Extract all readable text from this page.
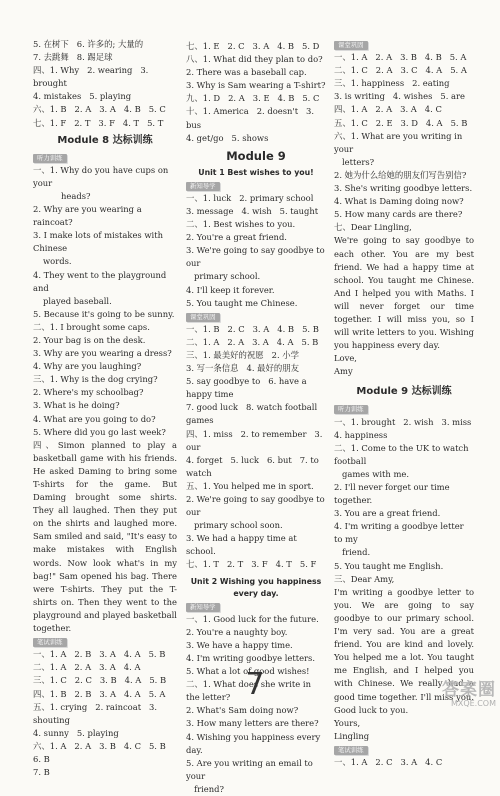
5. 在树下   6. 许多的; 大量的
7. 去跳舞   8. 踢足球
四、1. Why   2. wearing   3. brought
4. mistakes   5. playing
六、1. B   2. A   3. A   4. B   5. C
七、1. F   2. T   3. F   4. T   5. T
Module 8 达标训练
听力训练
一、1. Why do you have cups on your
heads?
2. Why are you wearing a raincoat?
3. I make lots of mistakes with Chinese
words.
4. They went to the playground and
played baseball.
5. Because it's going to be sunny.
二、1. I brought some caps.
2. Your bag is on the desk.
3. Why are you wearing a dress?
4. Why are you laughing?
三、1. Why is the dog crying?
2. Where's my schoolbag?
3. What is he doing?
4. What are you going to do?
5. Where did you go last week?
四、Simon planned to play a basketball game with his friends. He asked Daming to bring some T-shirts for the game. But Daming brought some shirts. They all laughed. Then they put on the shirts and laughed more. Sam smiled and said, "It's easy to make mistakes with English words. Now look what's in my bag!" Sam opened his bag. There were T-shirts. They put the T-shirts on. Then they went to the playground and played basketball together.
笔试训练
一、1. A   2. B   3. A   4. A   5. B
二、1. A   2. A   3. A   4. A
三、1. C   2. C   3. B   4. A   5. B
四、1. B   2. B   3. A   4. A   5. A
五、1. crying   2. raincoat   3. shouting
4. sunny   5. playing
六、1. A   2. A   3. B   4. C   5. B   6. B
7. B
七、1. E   2. C   3. A   4. B   5. D
八、1. What did they plan to do?
2. There was a baseball cap.
3. Why is Sam wearing a T-shirt?
九、1. D   2. A   3. E   4. B   5. C
十、1. America   2. doesn't   3. bus
4. get/go   5. shows
Module 9
Unit 1 Best wishes to you!
新知导学
一、1. luck   2. primary school
3. message   4. wish   5. taught
二、1. Best wishes to you.
2. You're a great friend.
3. We're going to say goodbye to our
primary school.
4. I'll keep it forever.
5. You taught me Chinese.
课堂巩固
一、1. B   2. C   3. A   4. B   5. B
二、1. A   2. A   3. A   4. A   5. B
三、1. 最美好的祝愿   2. 小学
3. 写一条信息   4. 最好的朋友
5. say goodbye to   6. have a happy time
7. good luck   8. watch football games
四、1. miss   2. to remember   3. our
4. forget   5. luck   6. but   7. to watch
五、1. You helped me in sport.
2. We're going to say goodbye to our
primary school soon.
3. We had a happy time at school.
七、1. T   2. T   3. F   4. T   5. F
Unit 2 Wishing you happiness
every day.
新知导学
一、1. Good luck for the future.
2. You're a naughty boy.
3. We have a happy time.
4. I'm writing goodbye letters.
5. What a lot of good wishes!
二、1. What does she write in the letter?
2. What's Sam doing now?
3. How many letters are there?
4. Wishing you happiness every day.
5. Are you writing an email to your
friend?
课堂巩固
一、1. A   2. A   3. B   4. B   5. A
二、1. C   2. A   3. C   4. A   5. A
三、1. happiness   2. eating
3. is writing   4. wishes   5. are
四、1. A   2. A   3. A   4. C
五、1. C   2. E   3. D   4. A   5. B
六、1. What are you writing in your
letters?
2. 她为什么给她的朋友们写告别信?
3. She's writing goodbye letters.
4. What is Daming doing now?
5. How many cards are there?
七、Dear Lingling,
We're going to say goodbye to each other. You are my best friend. We had a happy time at school. You taught me Chinese. And I helped you with Maths. I will never forget our time together. I will miss you, so I will write letters to you. Wishing you happiness every day.
Love,
Amy
Module 9 达标训练
听力训练
一、1. brought   2. wish   3. miss
4. happiness
二、1. Come to the UK to watch football
games with me.
2. I'll never forget our time together.
3. You are a great friend.
4. I'm writing a goodbye letter to my
friend.
5. You taught me English.
三、Dear Amy,
I'm writing a goodbye letter to you. We are going to say goodbye to our primary school. I'm very sad. You are a great friend. You are kind and lovely. You helped me a lot. You taught me English, and I helped you with Chinese. We really had a good time together. I'll miss you. Good luck to you.
Yours,
Lingling
笔试训练
一、1. A   2. C   3. A   4. C
7	答案圈
MXQE.COM
